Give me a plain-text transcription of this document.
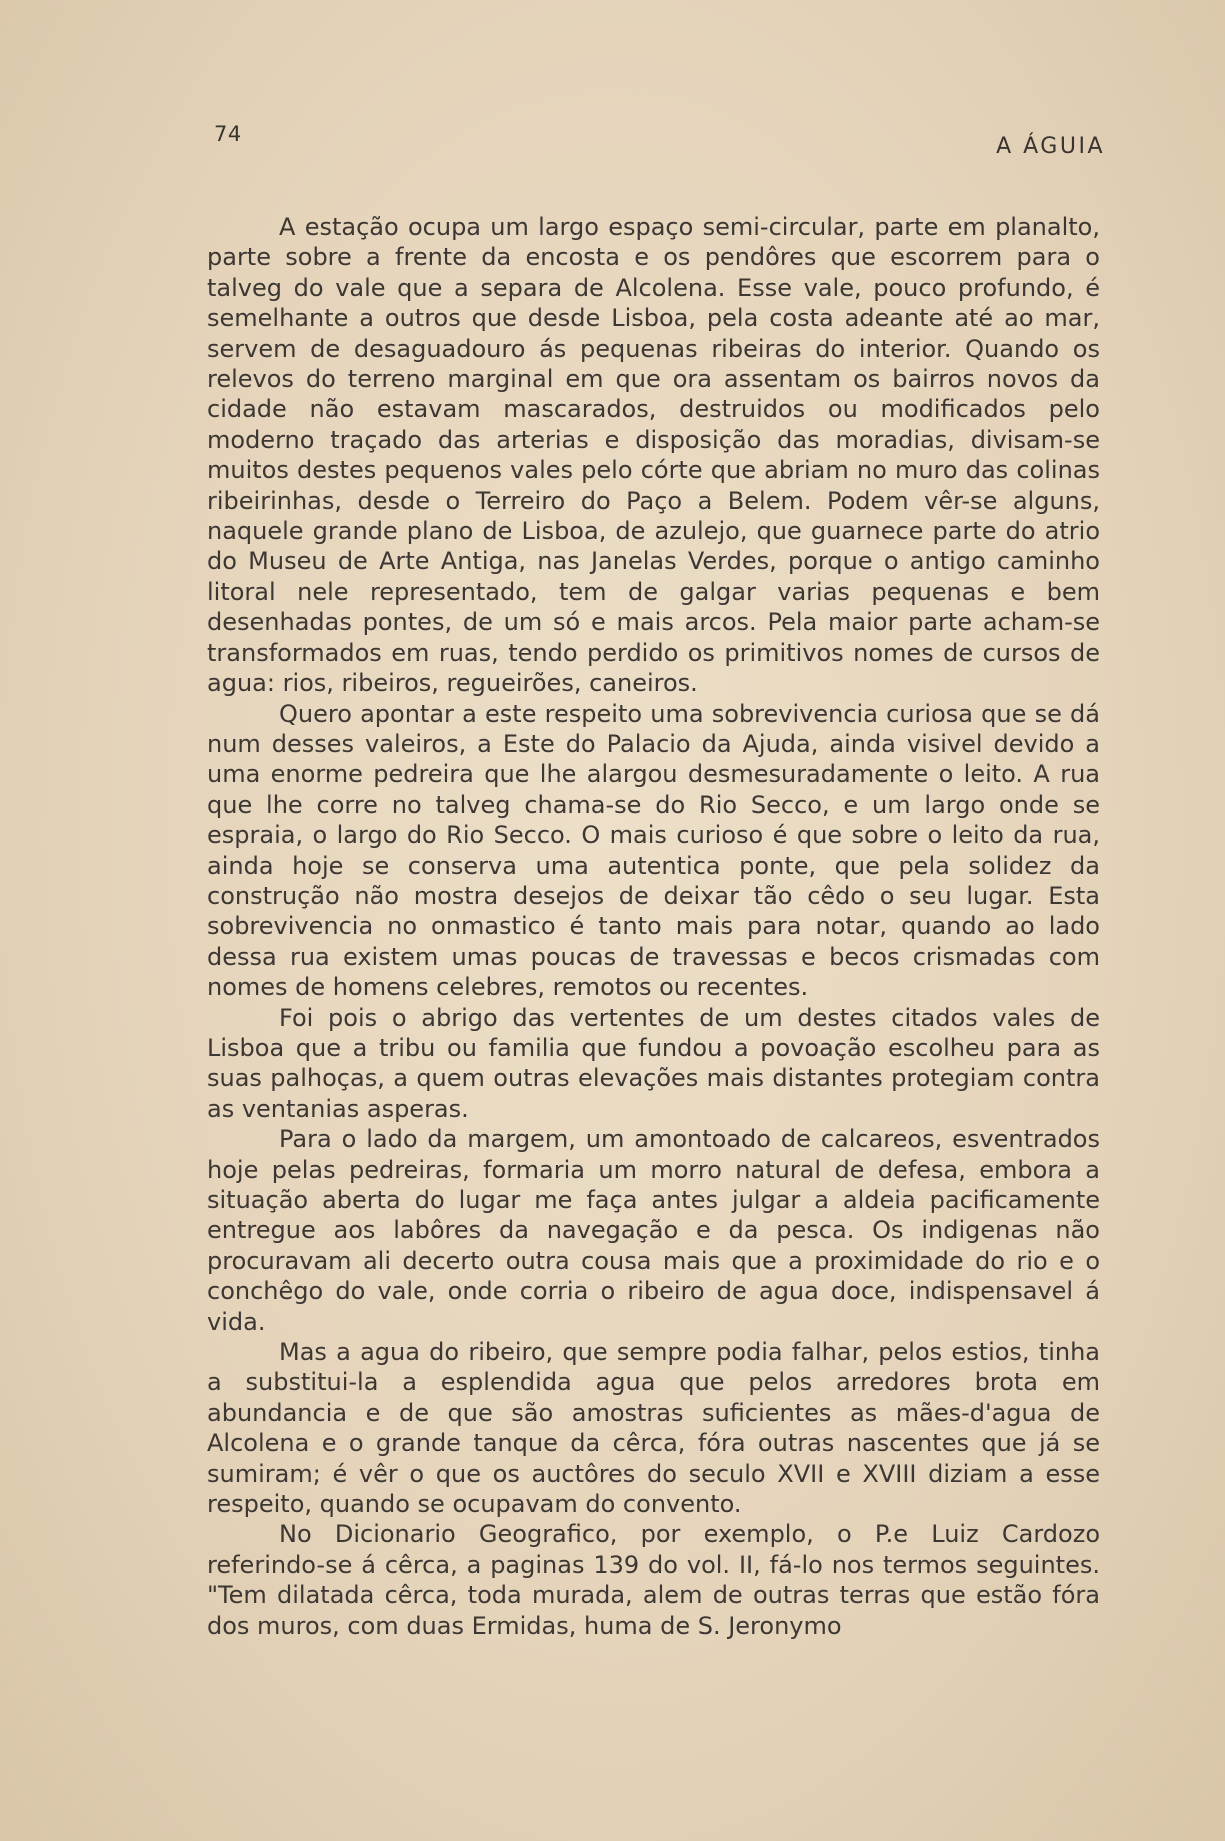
74	A ÁGUIA

A estação ocupa um largo espaço semi-circular, parte em planalto, parte sobre a frente da encosta e os pendôres que escorrem para o talveg do vale que a separa de Alcolena. Esse vale, pouco profundo, é semelhante a outros que desde Lisboa, pela costa adeante até ao mar, servem de desaguadouro ás pequenas ribeiras do interior. Quando os relevos do terreno marginal em que ora assentam os bairros novos da cidade não estavam mascarados, destruidos ou modificados pelo moderno traçado das arterias e disposição das moradias, divisam-se muitos destes pequenos vales pelo córte que abriam no muro das colinas ribeirinhas, desde o Terreiro do Paço a Belem. Podem vêr-se alguns, naquele grande plano de Lisboa, de azulejo, que guarnece parte do atrio do Museu de Arte Antiga, nas Janelas Verdes, porque o antigo caminho litoral nele representado, tem de galgar varias pequenas e bem desenhadas pontes, de um só e mais arcos. Pela maior parte acham-se transformados em ruas, tendo perdido os primitivos nomes de cursos de agua: rios, ribeiros, regueirões, caneiros.

Quero apontar a este respeito uma sobrevivencia curiosa que se dá num desses valeiros, a Este do Palacio da Ajuda, ainda visivel devido a uma enorme pedreira que lhe alargou desmesuradamente o leito. A rua que lhe corre no talveg chama-se do Rio Secco, e um largo onde se espraia, o largo do Rio Secco. O mais curioso é que sobre o leito da rua, ainda hoje se conserva uma autentica ponte, que pela solidez da construção não mostra desejos de deixar tão cêdo o seu lugar. Esta sobrevivencia no onmastico é tanto mais para notar, quando ao lado dessa rua existem umas poucas de travessas e becos crismadas com nomes de homens celebres, remotos ou recentes.

Foi pois o abrigo das vertentes de um destes citados vales de Lisboa que a tribu ou familia que fundou a povoação escolheu para as suas palhoças, a quem outras elevações mais distantes protegiam contra as ventanias asperas.

Para o lado da margem, um amontoado de calcareos, esventrados hoje pelas pedreiras, formaria um morro natural de defesa, embora a situação aberta do lugar me faça antes julgar a aldeia pacificamente entregue aos labôres da navegação e da pesca. Os indigenas não procuravam ali decerto outra cousa mais que a proximidade do rio e o conchêgo do vale, onde corria o ribeiro de agua doce, indispensavel á vida.

Mas a agua do ribeiro, que sempre podia falhar, pelos estios, tinha a substitui-la a esplendida agua que pelos arredores brota em abundancia e de que são amostras suficientes as mães-d'agua de Alcolena e o grande tanque da cêrca, fóra outras nascentes que já se sumiram; é vêr o que os auctôres do seculo XVII e XVIII diziam a esse respeito, quando se ocupavam do convento.

No Dicionario Geografico, por exemplo, o P.e Luiz Cardozo referindo-se á cêrca, a paginas 139 do vol. II, fá-lo nos termos seguintes. "Tem dilatada cêrca, toda murada, alem de outras terras que estão fóra dos muros, com duas Ermidas, huma de S. Jeronymo
